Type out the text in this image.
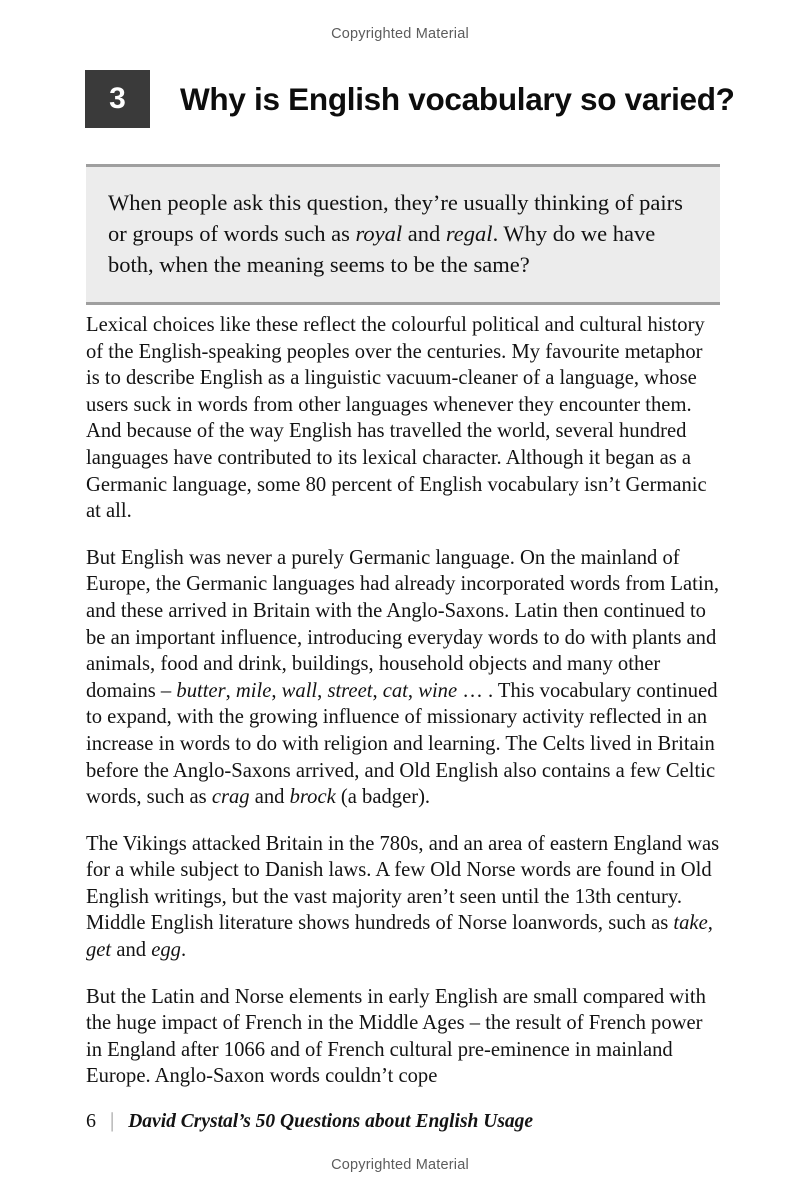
Copyrighted Material
3	Why is English vocabulary so varied?

When people ask this question, they’re usually thinking of pairs or groups of words such as royal and regal. Why do we have both, when the meaning seems to be the same?

Lexical choices like these reflect the colourful political and cultural history of the English-speaking peoples over the centuries. My favourite metaphor is to describe English as a linguistic vacuum-cleaner of a language, whose users suck in words from other languages whenever they encounter them. And because of the way English has travelled the world, several hundred languages have contributed to its lexical character. Although it began as a Germanic language, some 80 percent of English vocabulary isn’t Germanic at all.

But English was never a purely Germanic language. On the mainland of Europe, the Germanic languages had already incorporated words from Latin, and these arrived in Britain with the Anglo-Saxons. Latin then continued to be an important influence, introducing everyday words to do with plants and animals, food and drink, buildings, household objects and many other domains – butter, mile, wall, street, cat, wine … . This vocabulary continued to expand, with the growing influence of missionary activity reflected in an increase in words to do with religion and learning. The Celts lived in Britain before the Anglo-Saxons arrived, and Old English also contains a few Celtic words, such as crag and brock (a badger).

The Vikings attacked Britain in the 780s, and an area of eastern England was for a while subject to Danish laws. A few Old Norse words are found in Old English writings, but the vast majority aren’t seen until the 13th century. Middle English literature shows hundreds of Norse loanwords, such as take, get and egg.

But the Latin and Norse elements in early English are small compared with the huge impact of French in the Middle Ages – the result of French power in England after 1066 and of French cultural pre-eminence in mainland Europe. Anglo-Saxon words couldn’t cope

6 | David Crystal’s 50 Questions about English Usage
Copyrighted Material
